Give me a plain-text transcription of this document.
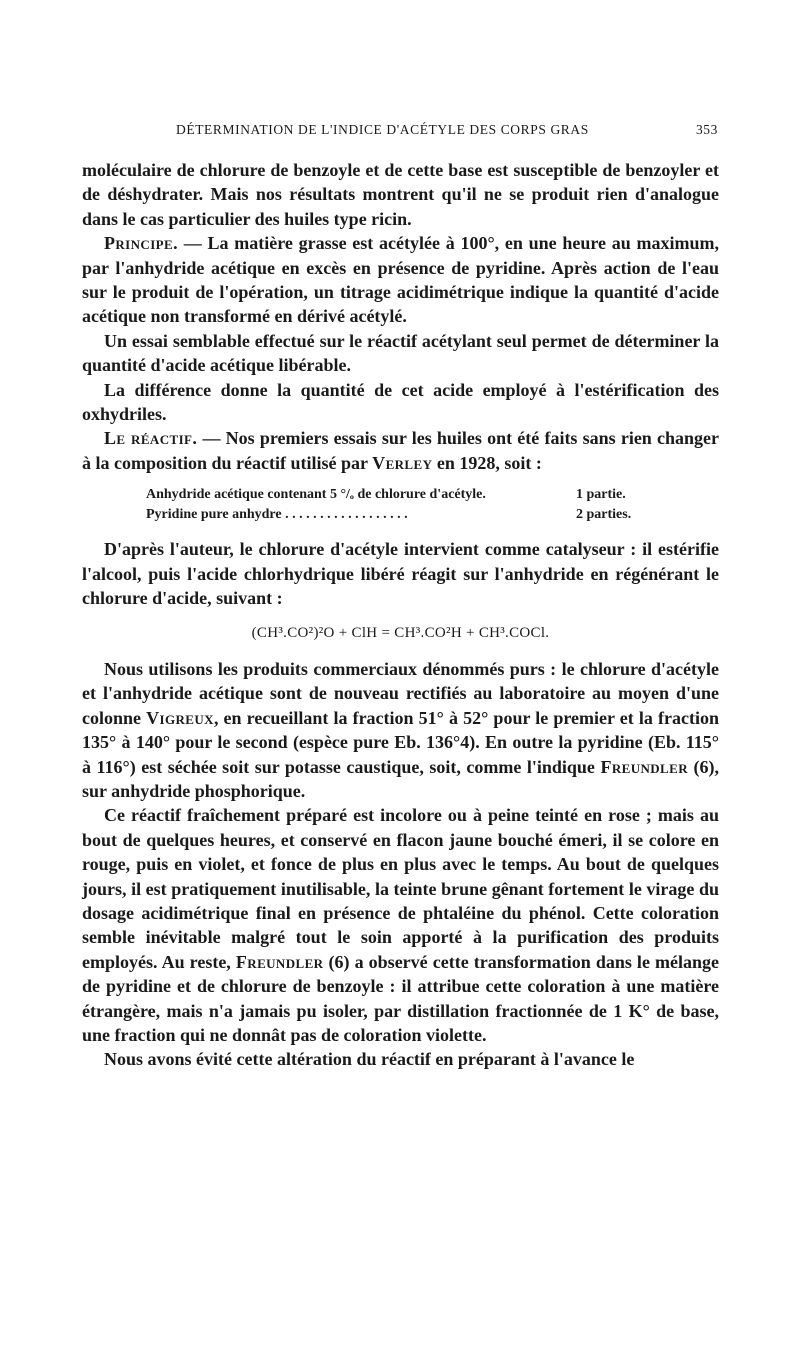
DÉTERMINATION DE L'INDICE D'ACÉTYLE DES CORPS GRAS	353

moléculaire de chlorure de benzoyle et de cette base est susceptible de benzoyler et de déshydrater. Mais nos résultats montrent qu'il ne se produit rien d'analogue dans le cas particulier des huiles type ricin.

Principe. — La matière grasse est acétylée à 100°, en une heure au maximum, par l'anhydride acétique en excès en présence de pyridine. Après action de l'eau sur le produit de l'opération, un titrage acidimétrique indique la quantité d'acide acétique non transformé en dérivé acétylé.

Un essai semblable effectué sur le réactif acétylant seul permet de déterminer la quantité d'acide acétique libérable.

La différence donne la quantité de cet acide employé à l'estérification des oxhydriles.

Le réactif. — Nos premiers essais sur les huiles ont été faits sans rien changer à la composition du réactif utilisé par Verley en 1928, soit :

Anhydride acétique contenant 5 °/ₒ de chlorure d'acétyle.	1 partie.
Pyridine pure anhydre . . . . . . . . . . . . . . . . . .	2 parties.

D'après l'auteur, le chlorure d'acétyle intervient comme catalyseur : il estérifie l'alcool, puis l'acide chlorhydrique libéré réagit sur l'anhydride en régénérant le chlorure d'acide, suivant :

(CH³.CO²)²O + ClH = CH³.CO²H + CH³.COCl.

Nous utilisons les produits commerciaux dénommés purs : le chlorure d'acétyle et l'anhydride acétique sont de nouveau rectifiés au laboratoire au moyen d'une colonne Vigreux, en recueillant la fraction 51° à 52° pour le premier et la fraction 135° à 140° pour le second (espèce pure Eb. 136°4). En outre la pyridine (Eb. 115° à 116°) est séchée soit sur potasse caustique, soit, comme l'indique Freundler (6), sur anhydride phosphorique.

Ce réactif fraîchement préparé est incolore ou à peine teinté en rose ; mais au bout de quelques heures, et conservé en flacon jaune bouché émeri, il se colore en rouge, puis en violet, et fonce de plus en plus avec le temps. Au bout de quelques jours, il est pratiquement inutilisable, la teinte brune gênant fortement le virage du dosage acidimétrique final en présence de phtaléine du phénol. Cette coloration semble inévitable malgré tout le soin apporté à la purification des produits employés. Au reste, Freundler (6) a observé cette transformation dans le mélange de pyridine et de chlorure de benzoyle : il attribue cette coloration à une matière étrangère, mais n'a jamais pu isoler, par distillation fractionnée de 1 K° de base, une fraction qui ne donnât pas de coloration violette.

Nous avons évité cette altération du réactif en préparant à l'avance le
